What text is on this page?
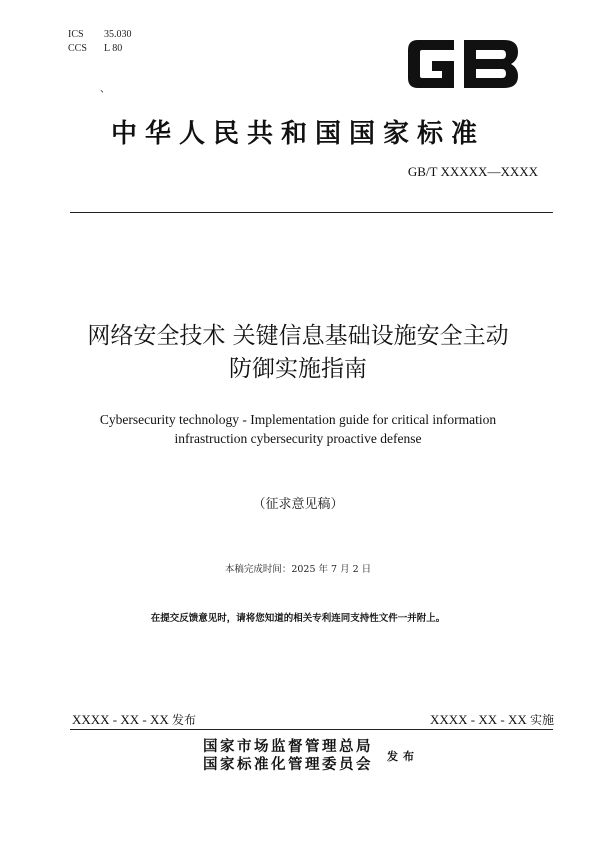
ICS 35.030
CCS L 80
、
中华人民共和国国家标准
GB/T XXXXX—XXXX
网络安全技术 关键信息基础设施安全主动
防御实施指南
Cybersecurity technology - Implementation guide for critical information
infrastruction cybersecurity proactive defense
（征求意见稿）
本稿完成时间：2025 年 7 月 2 日
在提交反馈意见时，请将您知道的相关专利连同支持性文件一并附上。
XXXX - XX - XX 发布	XXXX - XX - XX 实施
国家市场监督管理总局
国家标准化管理委员会 发布
